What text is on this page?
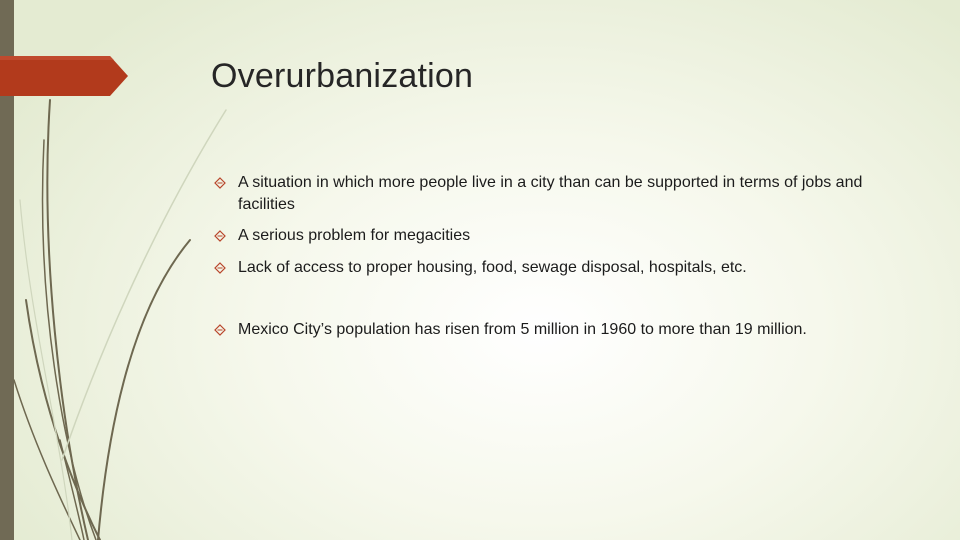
Overurbanization
A situation in which more people live in a city than can be supported in terms of jobs and facilities
A serious problem for megacities
Lack of access to proper housing, food, sewage disposal, hospitals, etc.
Mexico City’s population has risen from 5 million in 1960 to more than 19 million.
